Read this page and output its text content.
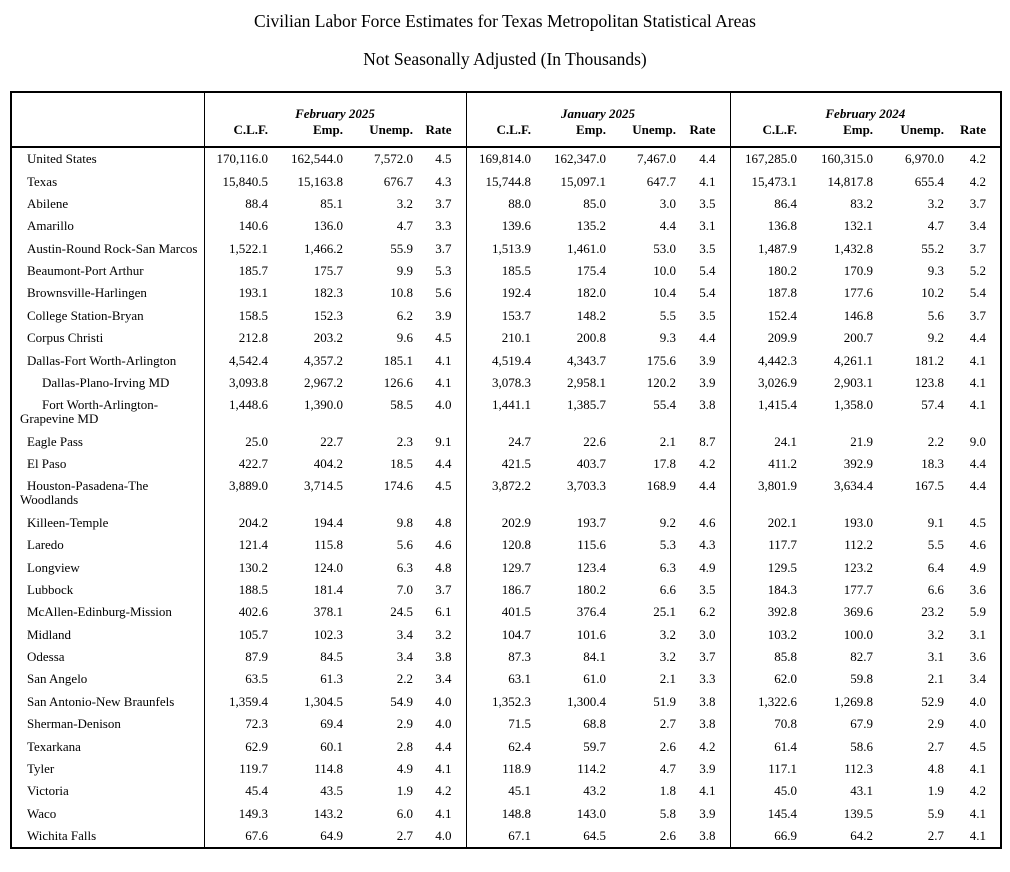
Civilian Labor Force Estimates for Texas Metropolitan Statistical Areas
Not Seasonally Adjusted (In Thousands)
	February 2025				January 2025				February 2024			
	C.L.F.	Emp.	Unemp.	Rate	C.L.F.	Emp.	Unemp.	Rate	C.L.F.	Emp.	Unemp.	Rate
United States	170,116.0	162,544.0	7,572.0	4.5	169,814.0	162,347.0	7,467.0	4.4	167,285.0	160,315.0	6,970.0	4.2
Texas	15,840.5	15,163.8	676.7	4.3	15,744.8	15,097.1	647.7	4.1	15,473.1	14,817.8	655.4	4.2
Abilene	88.4	85.1	3.2	3.7	88.0	85.0	3.0	3.5	86.4	83.2	3.2	3.7
Amarillo	140.6	136.0	4.7	3.3	139.6	135.2	4.4	3.1	136.8	132.1	4.7	3.4
Austin-Round Rock-San Marcos	1,522.1	1,466.2	55.9	3.7	1,513.9	1,461.0	53.0	3.5	1,487.9	1,432.8	55.2	3.7
Beaumont-Port Arthur	185.7	175.7	9.9	5.3	185.5	175.4	10.0	5.4	180.2	170.9	9.3	5.2
Brownsville-Harlingen	193.1	182.3	10.8	5.6	192.4	182.0	10.4	5.4	187.8	177.6	10.2	5.4
College Station-Bryan	158.5	152.3	6.2	3.9	153.7	148.2	5.5	3.5	152.4	146.8	5.6	3.7
Corpus Christi	212.8	203.2	9.6	4.5	210.1	200.8	9.3	4.4	209.9	200.7	9.2	4.4
Dallas-Fort Worth-Arlington	4,542.4	4,357.2	185.1	4.1	4,519.4	4,343.7	175.6	3.9	4,442.3	4,261.1	181.2	4.1
Dallas-Plano-Irving MD	3,093.8	2,967.2	126.6	4.1	3,078.3	2,958.1	120.2	3.9	3,026.9	2,903.1	123.8	4.1
Fort Worth-Arlington-Grapevine MD	1,448.6	1,390.0	58.5	4.0	1,441.1	1,385.7	55.4	3.8	1,415.4	1,358.0	57.4	4.1
Eagle Pass	25.0	22.7	2.3	9.1	24.7	22.6	2.1	8.7	24.1	21.9	2.2	9.0
El Paso	422.7	404.2	18.5	4.4	421.5	403.7	17.8	4.2	411.2	392.9	18.3	4.4
Houston-Pasadena-The Woodlands	3,889.0	3,714.5	174.6	4.5	3,872.2	3,703.3	168.9	4.4	3,801.9	3,634.4	167.5	4.4
Killeen-Temple	204.2	194.4	9.8	4.8	202.9	193.7	9.2	4.6	202.1	193.0	9.1	4.5
Laredo	121.4	115.8	5.6	4.6	120.8	115.6	5.3	4.3	117.7	112.2	5.5	4.6
Longview	130.2	124.0	6.3	4.8	129.7	123.4	6.3	4.9	129.5	123.2	6.4	4.9
Lubbock	188.5	181.4	7.0	3.7	186.7	180.2	6.6	3.5	184.3	177.7	6.6	3.6
McAllen-Edinburg-Mission	402.6	378.1	24.5	6.1	401.5	376.4	25.1	6.2	392.8	369.6	23.2	5.9
Midland	105.7	102.3	3.4	3.2	104.7	101.6	3.2	3.0	103.2	100.0	3.2	3.1
Odessa	87.9	84.5	3.4	3.8	87.3	84.1	3.2	3.7	85.8	82.7	3.1	3.6
San Angelo	63.5	61.3	2.2	3.4	63.1	61.0	2.1	3.3	62.0	59.8	2.1	3.4
San Antonio-New Braunfels	1,359.4	1,304.5	54.9	4.0	1,352.3	1,300.4	51.9	3.8	1,322.6	1,269.8	52.9	4.0
Sherman-Denison	72.3	69.4	2.9	4.0	71.5	68.8	2.7	3.8	70.8	67.9	2.9	4.0
Texarkana	62.9	60.1	2.8	4.4	62.4	59.7	2.6	4.2	61.4	58.6	2.7	4.5
Tyler	119.7	114.8	4.9	4.1	118.9	114.2	4.7	3.9	117.1	112.3	4.8	4.1
Victoria	45.4	43.5	1.9	4.2	45.1	43.2	1.8	4.1	45.0	43.1	1.9	4.2
Waco	149.3	143.2	6.0	4.1	148.8	143.0	5.8	3.9	145.4	139.5	5.9	4.1
Wichita Falls	67.6	64.9	2.7	4.0	67.1	64.5	2.6	3.8	66.9	64.2	2.7	4.1
